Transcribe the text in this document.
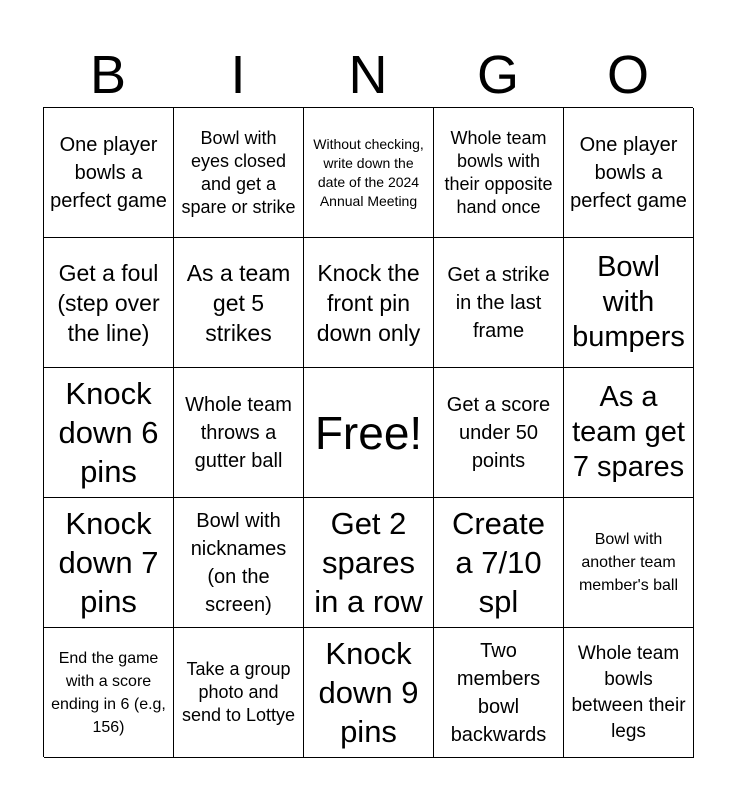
B	I	N	G	O
One player bowls a perfect game
Bowl with eyes closed and get a spare or strike
Without checking, write down the date of the 2024 Annual Meeting
Whole team bowls with their opposite hand once
One player bowls a perfect game
Get a foul (step over the line)
As a team get 5 strikes
Knock the front pin down only
Get a strike in the last frame
Bowl with bumpers
Knock down 6 pins
Whole team throws a gutter ball
Free!
Get a score under 50 points
As a team get 7 spares
Knock down 7 pins
Bowl with nicknames (on the screen)
Get 2 spares in a row
Create a 7/10 spl
Bowl with another team member's ball
End the game with a score ending in 6 (e.g, 156)
Take a group photo and send to Lottye
Knock down 9 pins
Two members bowl backwards
Whole team bowls between their legs
